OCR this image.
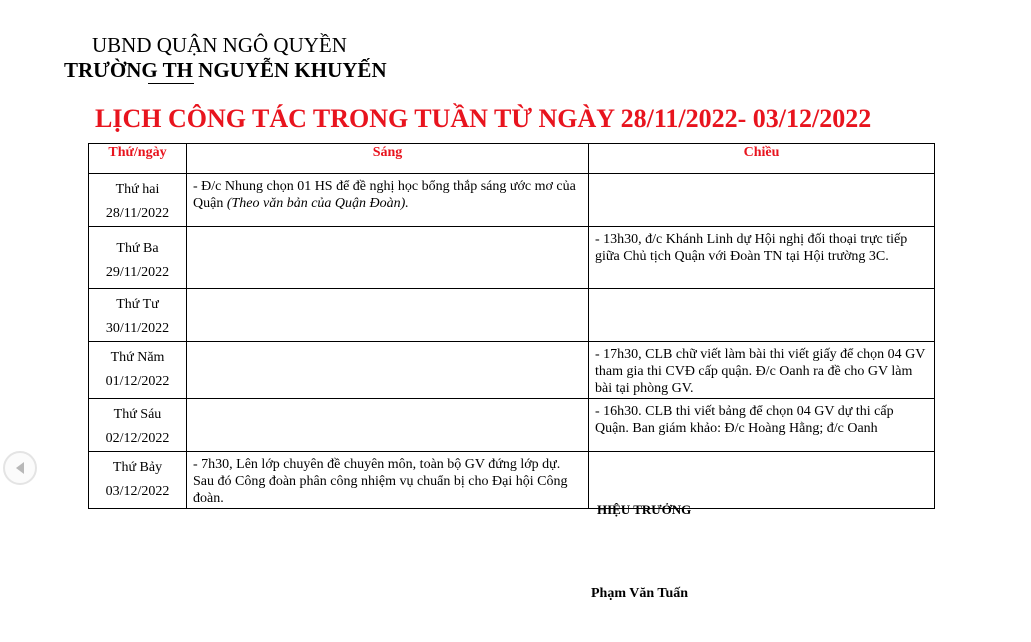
UBND QUẬN NGÔ QUYỀN
TRƯỜNG TH NGUYỄN KHUYẾN
LỊCH CÔNG TÁC TRONG TUẦN TỪ NGÀY 28/11/2022- 03/12/2022
Thứ/ngày	Sáng	Chiều

Thứ hai
28/11/2022	- Đ/c Nhung chọn 01 HS để đề nghị học bổng thắp sáng ước mơ của Quận (Theo văn bản của Quận Đoàn).	

Thứ Ba
29/11/2022		- 13h30, đ/c Khánh Linh dự Hội nghị đối thoại trực tiếp giữa Chủ tịch Quận với Đoàn TN tại Hội trường 3C.

Thứ Tư
30/11/2022		

Thứ Năm
01/12/2022		- 17h30, CLB chữ viết làm bài thi viết giấy để chọn 04 GV tham gia thi CVĐ cấp quận. Đ/c Oanh ra đề cho GV làm bài tại phòng GV.

Thứ Sáu
02/12/2022		- 16h30. CLB thi viết bảng để chọn 04 GV dự thi cấp Quận. Ban giám khảo: Đ/c Hoàng Hằng; đ/c Oanh

Thứ Bảy
03/12/2022	- 7h30, Lên lớp chuyên đề chuyên môn, toàn bộ GV đứng lớp dự. Sau đó Công đoàn phân công nhiệm vụ chuẩn bị cho Đại hội Công đoàn.	
HIỆU TRƯỞNG
Phạm Văn Tuấn
